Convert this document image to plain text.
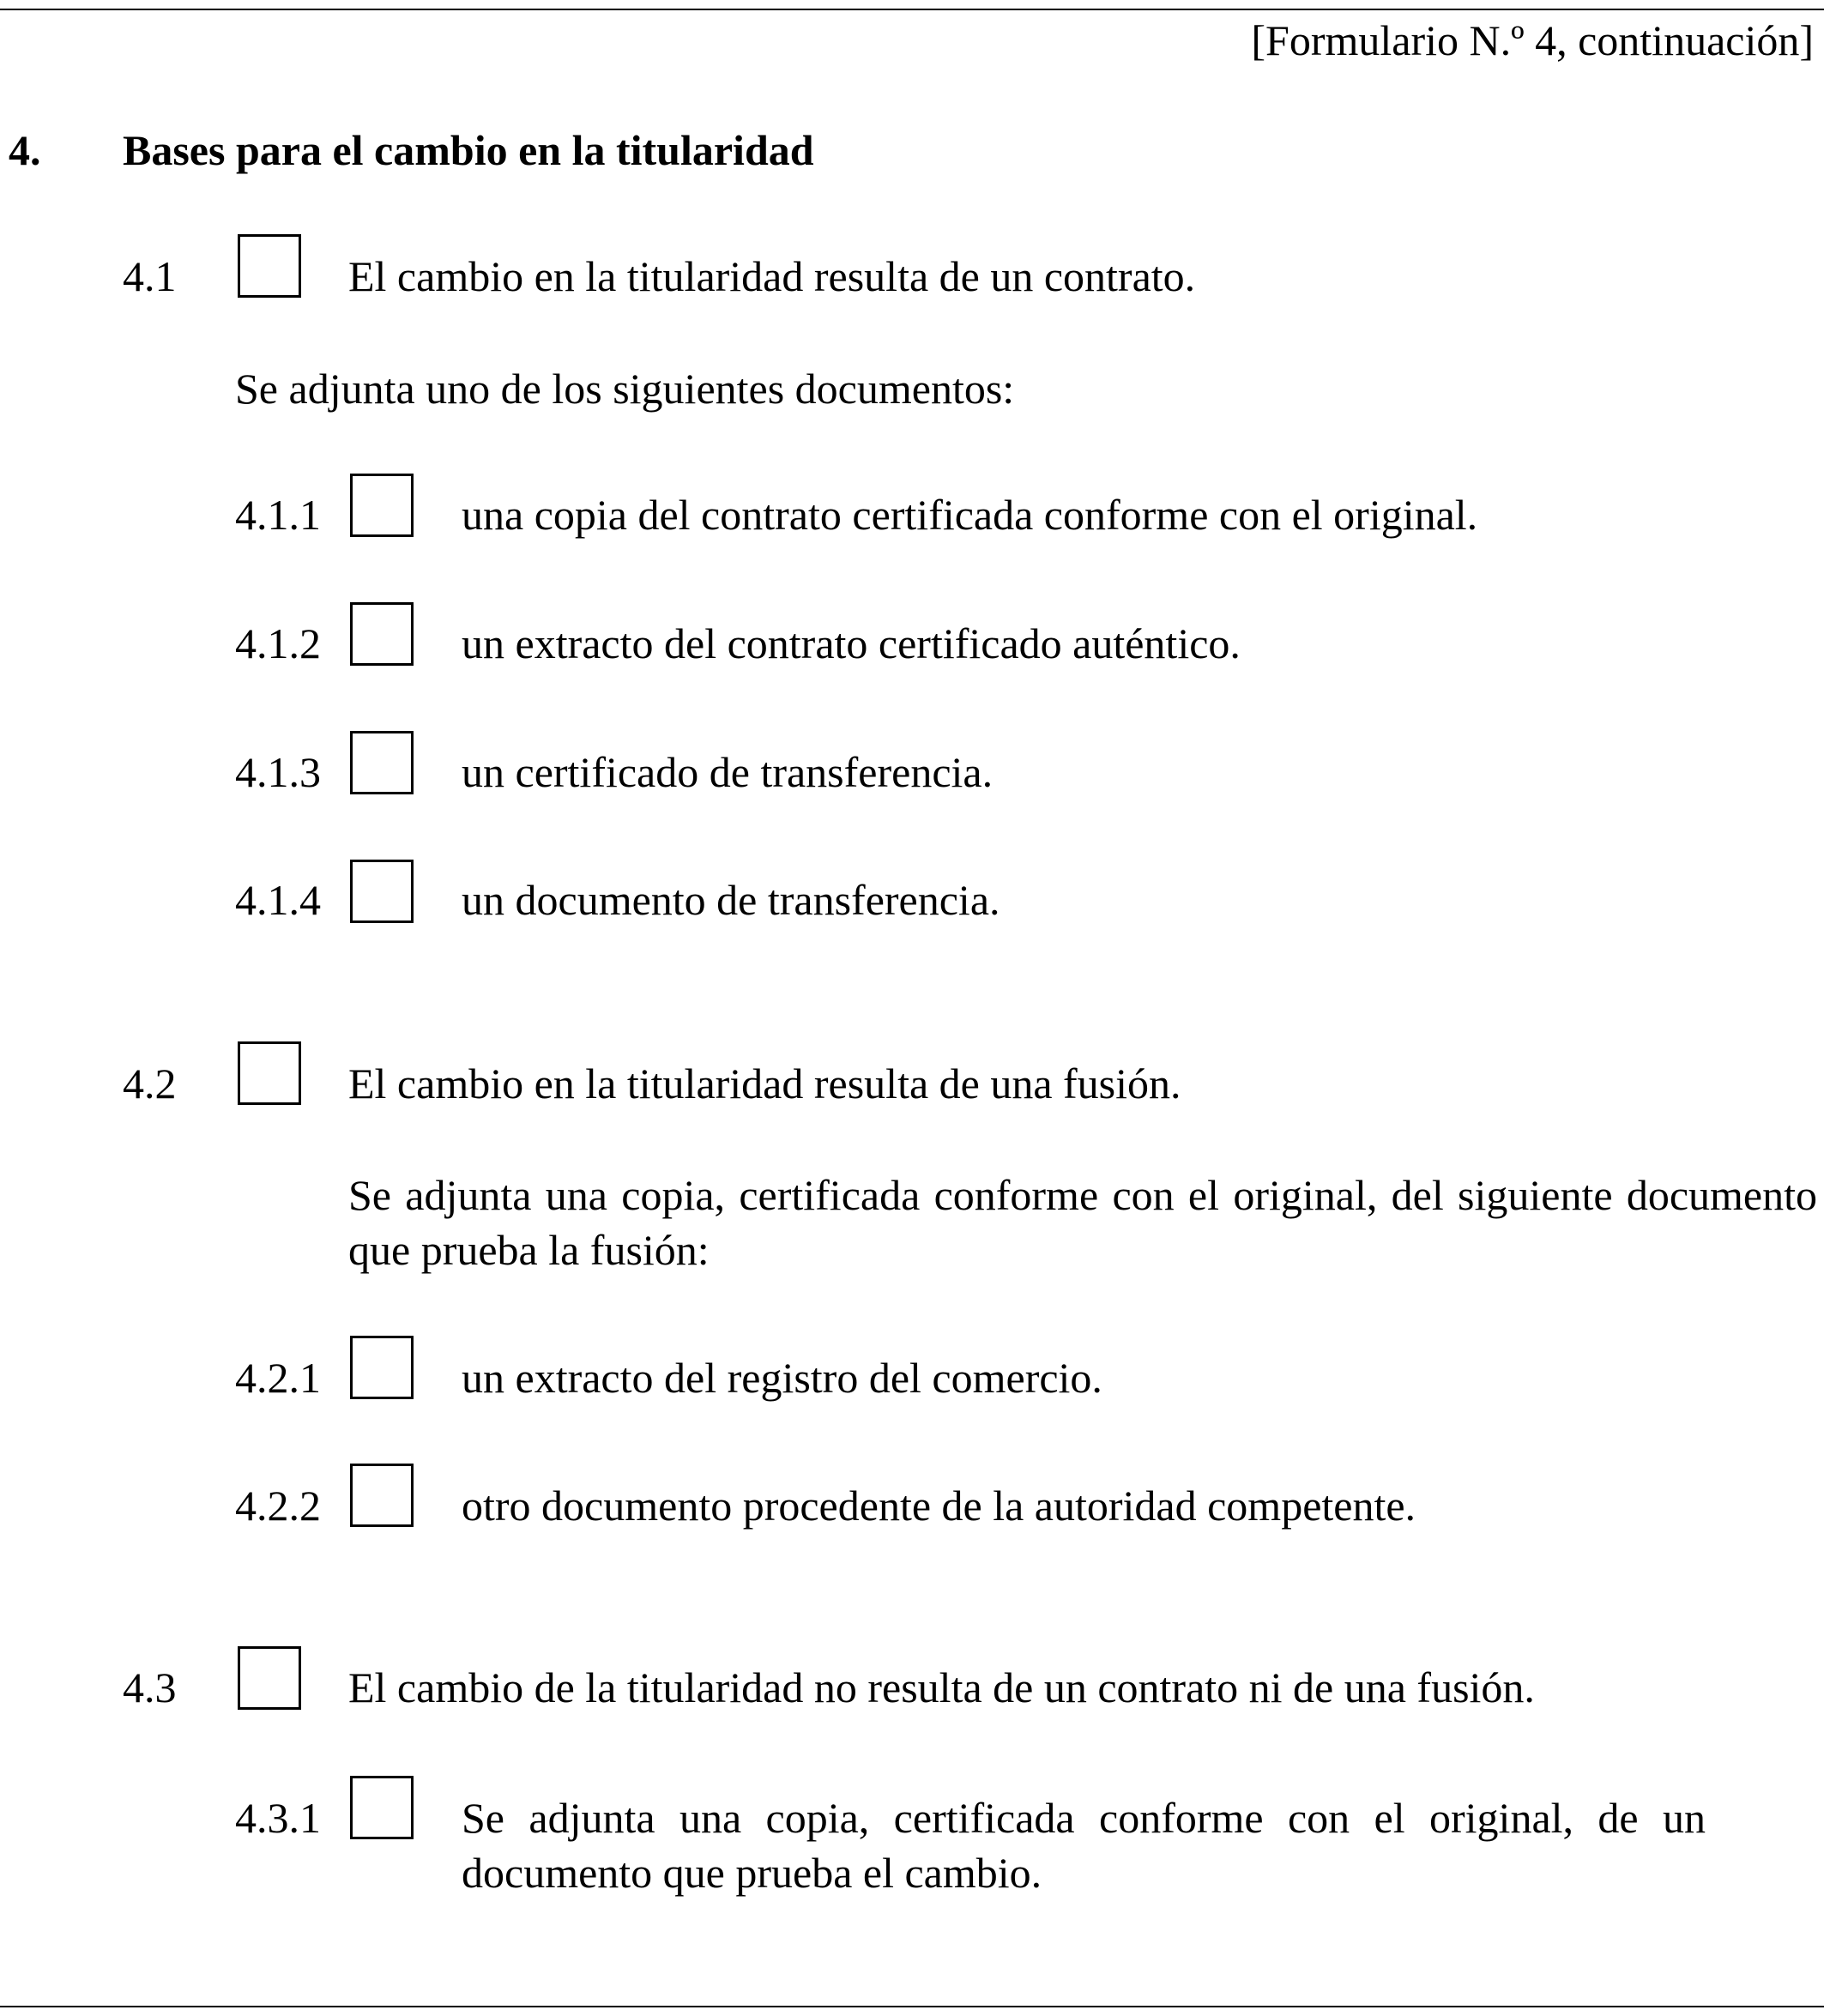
[Formulario N.º 4, continuación]
4. Bases para el cambio en la titularidad
4.1	El cambio en la titularidad resulta de un contrato.
Se adjunta uno de los siguientes documentos:
4.1.1	una copia del contrato certificada conforme con el original.
4.1.2	un extracto del contrato certificado auténtico.
4.1.3	un certificado de transferencia.
4.1.4	un documento de transferencia.
4.2	El cambio en la titularidad resulta de una fusión.
Se adjunta una copia, certificada conforme con el original, del siguiente documento que prueba la fusión:
4.2.1	un extracto del registro del comercio.
4.2.2	otro documento procedente de la autoridad competente.
4.3	El cambio de la titularidad no resulta de un contrato ni de una fusión.
4.3.1	Se adjunta una copia, certificada conforme con el original, de un documento que prueba el cambio.
